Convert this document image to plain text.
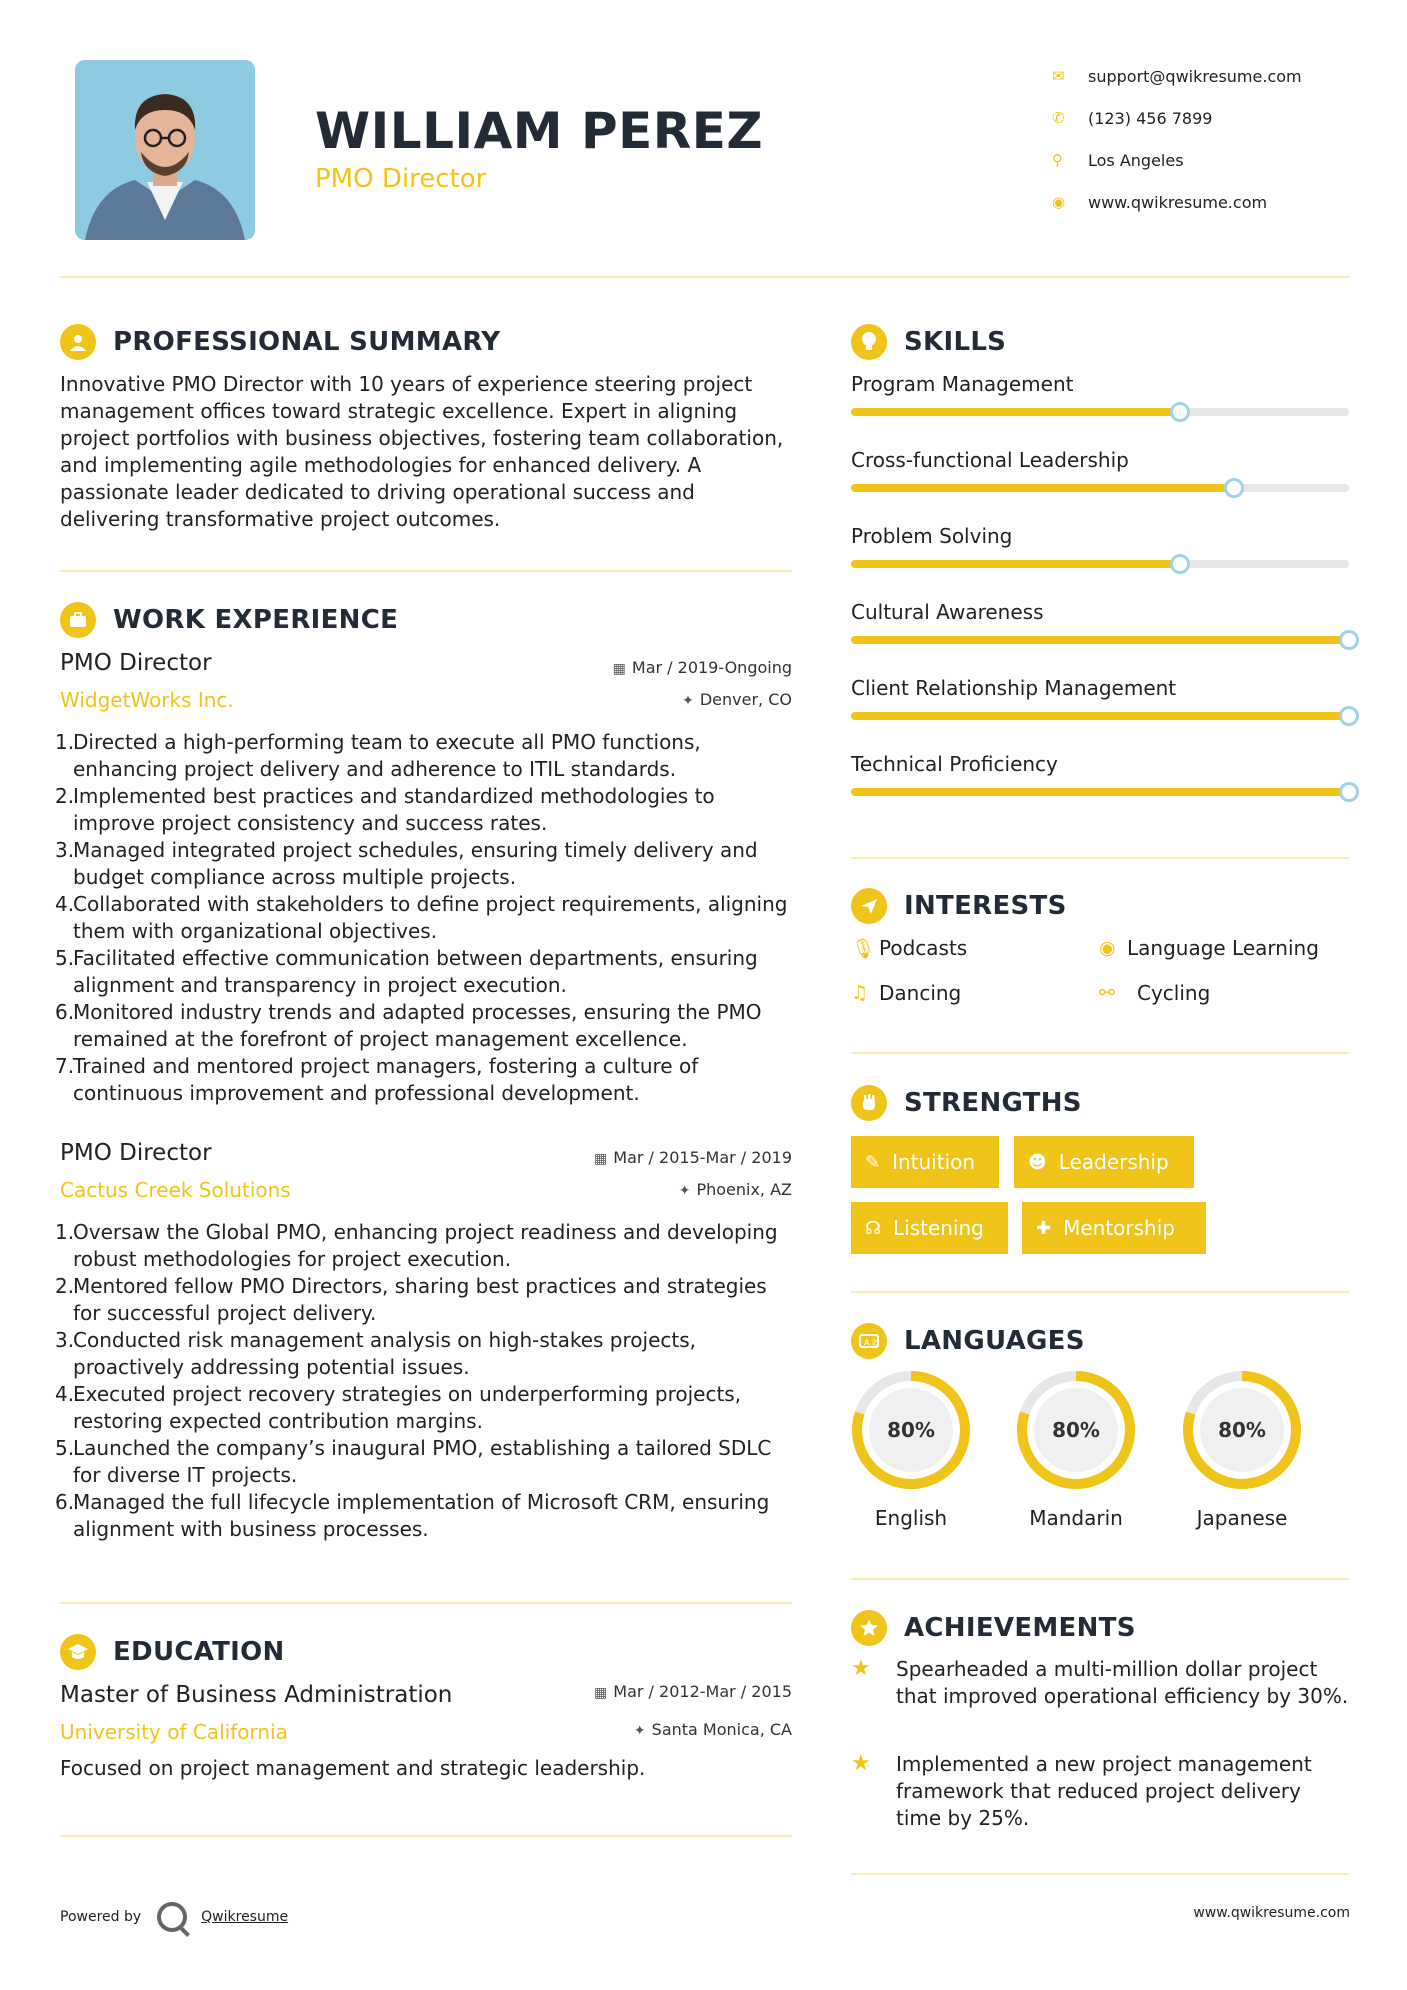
WILLIAM PEREZ
PMO Director
✉	support@qwikresume.com
✆	(123) 456 7899
⚲	Los Angeles
◉	www.qwikresume.com
PROFESSIONAL SUMMARY
Innovative PMO Director with 10 years of experience steering project management offices toward strategic excellence. Expert in aligning project portfolios with business objectives, fostering team collaboration, and implementing agile methodologies for enhanced delivery. A passionate leader dedicated to driving operational success and delivering transformative project outcomes.
WORK EXPERIENCE
PMO Director	▦ Mar / 2019-Ongoing
WidgetWorks Inc.	✦ Denver, CO
1.
Directed a high-performing team to execute all PMO functions, enhancing project delivery and adherence to ITIL standards.
2.
Implemented best practices and standardized methodologies to improve project consistency and success rates.
3.
Managed integrated project schedules, ensuring timely delivery and budget compliance across multiple projects.
4.
Collaborated with stakeholders to define project requirements, aligning them with organizational objectives.
5.
Facilitated effective communication between departments, ensuring alignment and transparency in project execution.
6.
Monitored industry trends and adapted processes, ensuring the PMO remained at the forefront of project management excellence.
7.
Trained and mentored project managers, fostering a culture of continuous improvement and professional development.
PMO Director	▦ Mar / 2015-Mar / 2019
Cactus Creek Solutions	✦ Phoenix, AZ
1.
Oversaw the Global PMO, enhancing project readiness and developing robust methodologies for project execution.
2.
Mentored fellow PMO Directors, sharing best practices and strategies for successful project delivery.
3.
Conducted risk management analysis on high-stakes projects, proactively addressing potential issues.
4.
Executed project recovery strategies on underperforming projects, restoring expected contribution margins.
5.
Launched the company’s inaugural PMO, establishing a tailored SDLC for diverse IT projects.
6.
Managed the full lifecycle implementation of Microsoft CRM, ensuring alignment with business processes.
EDUCATION
Master of Business Administration	▦ Mar / 2012-Mar / 2015
University of California	✦ Santa Monica, CA
Focused on project management and strategic leadership.
SKILLS
Program Management
Cross-functional Leadership
Problem Solving
Cultural Awareness
Client Relationship Management
Technical Proficiency
INTERESTS
🎙 Podcasts	◉ Language Learning
♫ Dancing	⚯	Cycling
STRENGTHS
✎ Intuition	☻ Leadership
☊ Listening	✚ Mentorship
A 文 LANGUAGES
80%
English
80%
Mandarin
80%
Japanese
ACHIEVEMENTS
★	Spearheaded a multi-million dollar project that improved operational efficiency by 30%.
★	Implemented a new project management framework that reduced project delivery time by 25%.
Powered by	Qwikresume	www.qwikresume.com
